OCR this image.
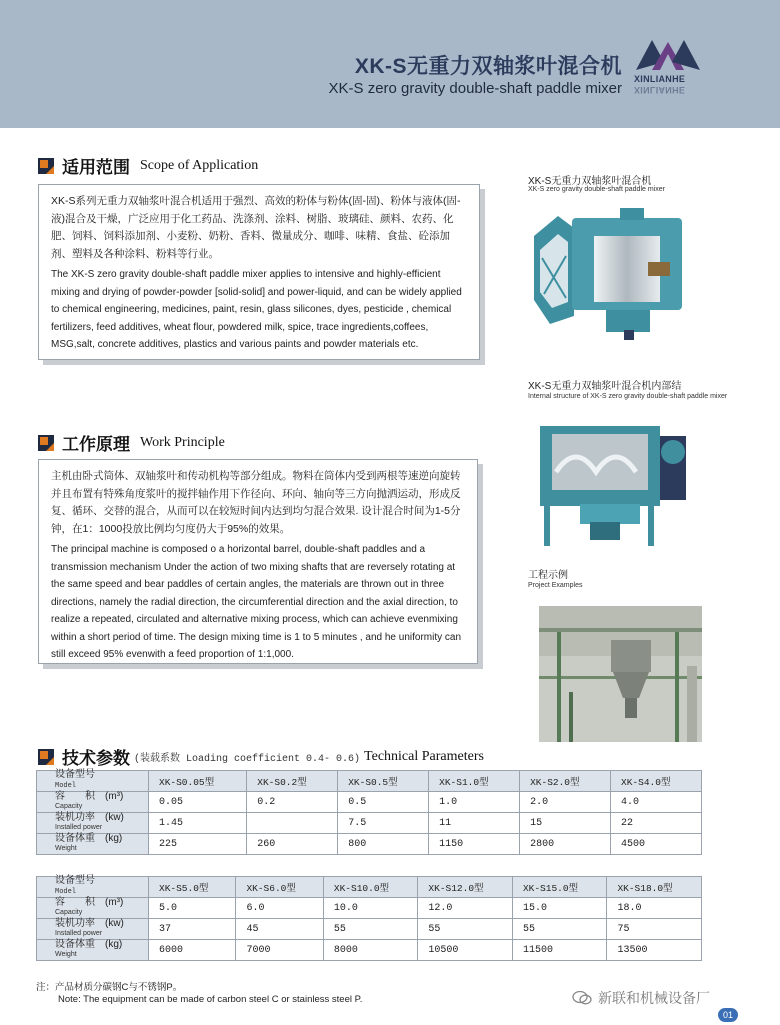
XK-S无重力双轴浆叶混合机
XK-S zero gravity double-shaft paddle mixer
XINLIANHE
XINLIANHE
适用范围 Scope of Application

XK-S系列无重力双轴浆叶混合机适用于强烈、高效的粉体与粉体(固-固)、粉体与液体(固-液)混合及干燥，广泛应用于化工药品、洗涤剂、涂料、树脂、玻璃硅、颜料、农药、化肥、饲料、饲料添加剂、小麦粉、奶粉、香料、微量成分、咖啡、味精、食盐、砼添加剂、塑料及各种涂料、粉料等行业。

The XK-S zero gravity double-shaft paddle mixer applies to intensive and highly-efficient mixing and drying of powder-powder [solid-solid] and power-liquid, and can be widely applied to chemical engineering, medicines, paint, resin, glass silicones, dyes, pesticide , chemical fertilizers, feed additives, wheat flour, powdered milk, spice, trace ingredients,coffees, MSG,salt, concrete additives, plastics and various paints and powder materials etc.

工作原理 Work Principle

主机由卧式筒体、双轴浆叶和传动机构等部分组成。物料在筒体内受到两根等速逆向旋转并且布置有特殊角度浆叶的搅拌轴作用下作径向、环向、轴向等三方向抛洒运动，形成反复、循环、交替的混合，从而可以在较短时间内达到均匀混合效果. 设计混合时间为1-5分钟，在1：1000投放比例均匀度仍大于95%的效果。

The principal machine is composed o a horizontal barrel, double-shaft paddles and a transmission mechanism Under the action of two mixing shafts that are reversely rotating at the same speed and bear paddles of certain angles, the materials are thrown out in three directions, namely the radial direction, the circumferential direction and the axial direction, to realize a repeated, circulated and alternative mixing process, which can achieve evenmixing within a short period of time. The design mixing time is 1 to 5 minutes , and he uniformity can still exceed 95% evenwith a feed proportion of 1:1,000.

XK-S无重力双轴浆叶混合机
XK-S zero gravity double-shaft paddle mixer
XK-S无重力双轴浆叶混合机内部结
Internal structure of XK-S zero gravity double-shaft paddle mixer
工程示例
Project Examples
技术参数 (装载系数 Loading coefficient 0.4- 0.6) Technical Parameters
设备型号
Model	XK-S0.05型	XK-S0.2型	XK-S0.5型	XK-S1.0型	XK-S2.0型	XK-S4.0型

容　　积　(m³)
Capacity	0.05	0.2	0.5	1.0	2.0	4.0

装机功率　(kw)
Installed power	1.45		7.5	11	15	22

设备体重　(kg)
Weight	225	260	800	1150	2800	4500
设备型号
Model	XK-S5.0型	XK-S6.0型	XK-S10.0型	XK-S12.0型	XK-S15.0型	XK-S18.0型

容　　积　(m³)
Capacity	5.0	6.0	10.0	12.0	15.0	18.0

装机功率　(kw)
Installed power	37	45	55	55	55	75

设备体重　(kg)
Weight	6000	7000	8000	10500	11500	13500
注：产品材质分碳钢C与不锈钢P。
Note: The equipment can be made of carbon steel C or stainless steel P.	新联和机械设备厂
01
